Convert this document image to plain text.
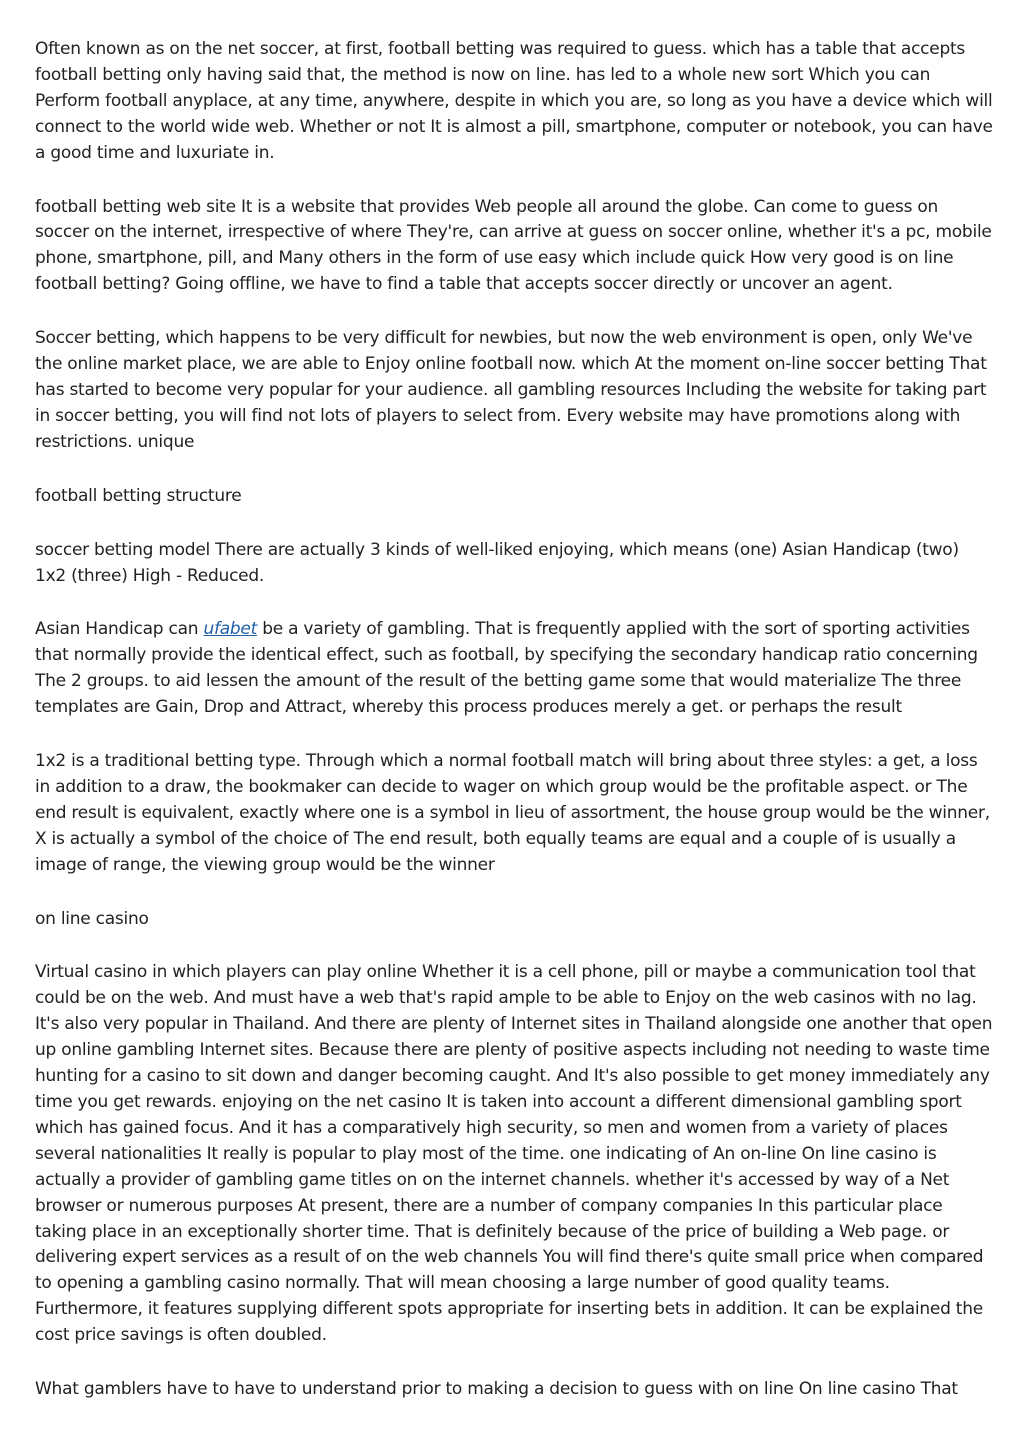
Often known as on the net soccer, at first, football betting was required to guess. which has a table that accepts football betting only having said that, the method is now on line. has led to a whole new sort Which you can Perform football anyplace, at any time, anywhere, despite in which you are, so long as you have a device which will connect to the world wide web. Whether or not It is almost a pill, smartphone, computer or notebook, you can have a good time and luxuriate in.

football betting web site It is a website that provides Web people all around the globe. Can come to guess on soccer on the internet, irrespective of where They're, can arrive at guess on soccer online, whether it's a pc, mobile phone, smartphone, pill, and Many others in the form of use easy which include quick How very good is on line football betting? Going offline, we have to find a table that accepts soccer directly or uncover an agent.

Soccer betting, which happens to be very difficult for newbies, but now the web environment is open, only We've the online market place, we are able to Enjoy online football now. which At the moment on-line soccer betting That has started to become very popular for your audience. all gambling resources Including the website for taking part in soccer betting, you will find not lots of players to select from. Every website may have promotions along with restrictions. unique

football betting structure

soccer betting model There are actually 3 kinds of well-liked enjoying, which means (one) Asian Handicap (two) 1x2 (three) High - Reduced.

Asian Handicap can ufabet be a variety of gambling. That is frequently applied with the sort of sporting activities that normally provide the identical effect, such as football, by specifying the secondary handicap ratio concerning The 2 groups. to aid lessen the amount of the result of the betting game some that would materialize The three templates are Gain, Drop and Attract, whereby this process produces merely a get. or perhaps the result

1x2 is a traditional betting type. Through which a normal football match will bring about three styles: a get, a loss in addition to a draw, the bookmaker can decide to wager on which group would be the profitable aspect. or The end result is equivalent, exactly where one is a symbol in lieu of assortment, the house group would be the winner, X is actually a symbol of the choice of The end result, both equally teams are equal and a couple of is usually a image of range, the viewing group would be the winner

on line casino

Virtual casino in which players can play online Whether it is a cell phone, pill or maybe a communication tool that could be on the web. And must have a web that's rapid ample to be able to Enjoy on the web casinos with no lag. It's also very popular in Thailand. And there are plenty of Internet sites in Thailand alongside one another that open up online gambling Internet sites. Because there are plenty of positive aspects including not needing to waste time hunting for a casino to sit down and danger becoming caught. And It's also possible to get money immediately any time you get rewards. enjoying on the net casino It is taken into account a different dimensional gambling sport which has gained focus. And it has a comparatively high security, so men and women from a variety of places several nationalities It really is popular to play most of the time. one indicating of An on-line On line casino is actually a provider of gambling game titles on on the internet channels. whether it's accessed by way of a Net browser or numerous purposes At present, there are a number of company companies In this particular place taking place in an exceptionally shorter time. That is definitely because of the price of building a Web page. or delivering expert services as a result of on the web channels You will find there's quite small price when compared to opening a gambling casino normally. That will mean choosing a large number of good quality teams. Furthermore, it features supplying different spots appropriate for inserting bets in addition. It can be explained the cost price savings is often doubled.

What gamblers have to have to understand prior to making a decision to guess with on line On line casino That
